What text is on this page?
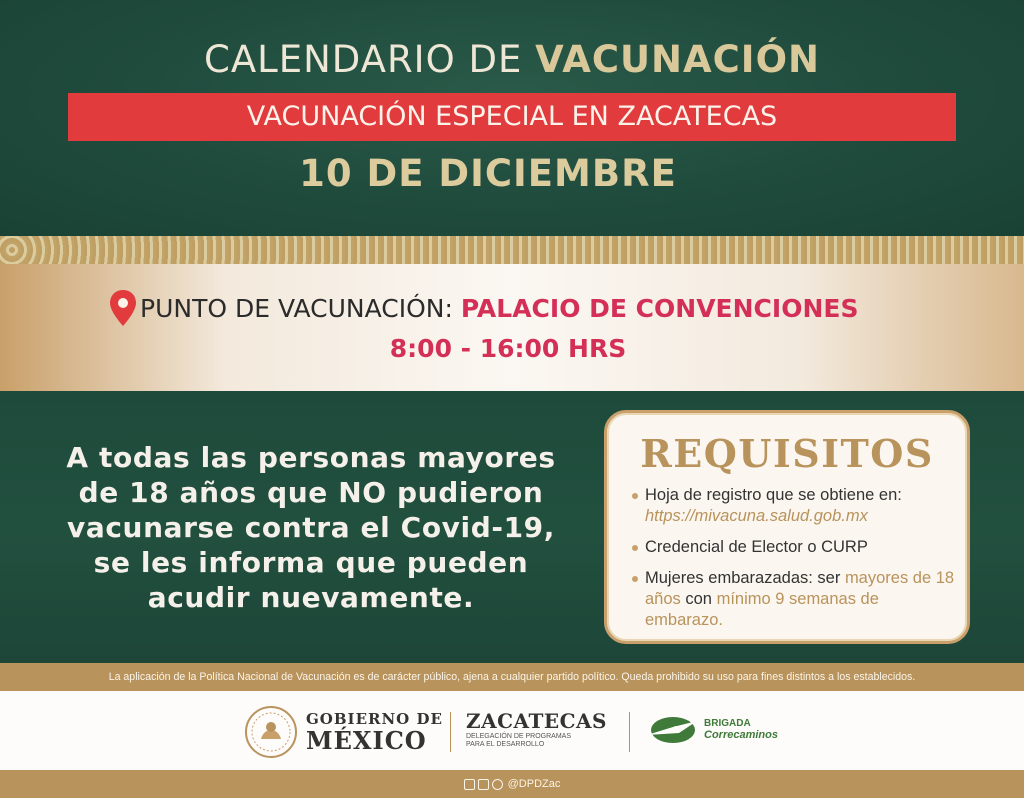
CALENDARIO DE VACUNACIÓN
VACUNACIÓN ESPECIAL EN ZACATECAS
10 DE DICIEMBRE
PUNTO DE VACUNACIÓN: PALACIO DE CONVENCIONES
8:00 - 16:00 HRS
A todas las personas mayores
de 18 años que NO pudieron
vacunarse contra el Covid-19,
se les informa que pueden
acudir nuevamente.
REQUISITOS
Hoja de registro que se obtiene en: https://mivacuna.salud.gob.mx
Credencial de Elector o CURP
Mujeres embarazadas: ser mayores de 18 años con mínimo 9 semanas de embarazo.
La aplicación de la Política Nacional de Vacunación es de carácter público, ajena a cualquier partido político. Queda prohibido su uso para fines distintos a los establecidos.
GOBIERNO DE
MÉXICO
ZACATECAS
DELEGACIÓN DE PROGRAMAS
PARA EL DESARROLLO
BRIGADA
Correcaminos
@DPDZac
